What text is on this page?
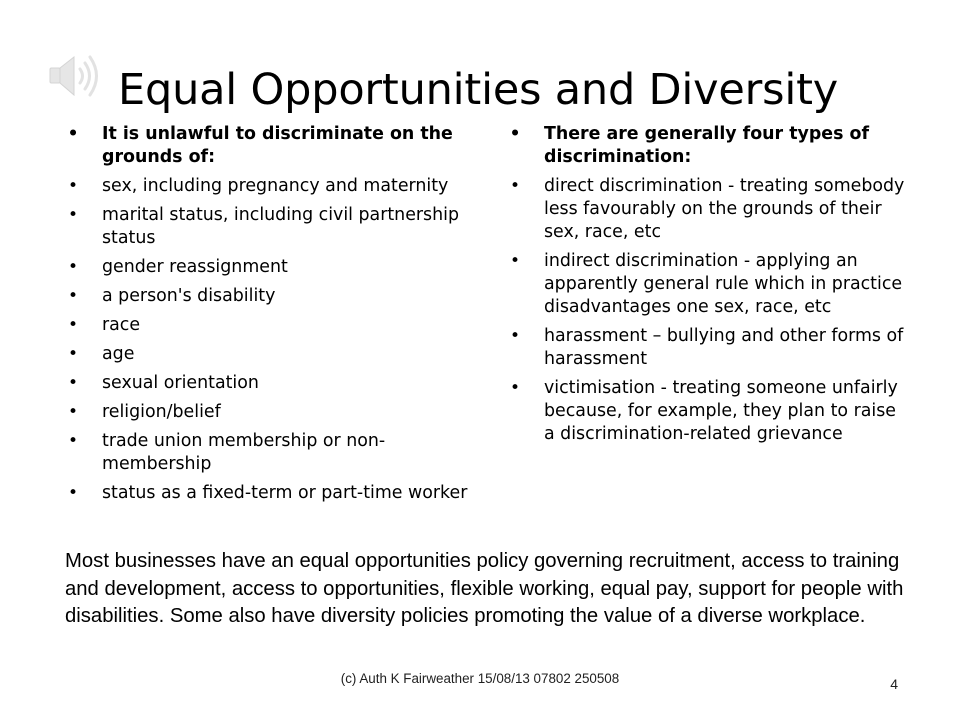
Equal Opportunities and Diversity
• It is unlawful to discriminate on the grounds of:
• sex, including pregnancy and maternity
• marital status, including civil partnership status
• gender reassignment
• a person's disability
• race
• age
• sexual orientation
• religion/belief
• trade union membership or non-membership
• status as a fixed-term or part-time worker
• There are generally four types of discrimination:
• direct discrimination - treating somebody less favourably on the grounds of their sex, race, etc
• indirect discrimination - applying an apparently general rule which in practice disadvantages one sex, race, etc
• harassment – bullying and other forms of harassment
• victimisation - treating someone unfairly because, for example, they plan to raise a discrimination-related grievance

Most businesses have an equal opportunities policy governing recruitment, access to training and development, access to opportunities, flexible working, equal pay, support for people with disabilities. Some also have diversity policies promoting the value of a diverse workplace.

(c) Auth K Fairweather 15/08/13 07802 250508	4
